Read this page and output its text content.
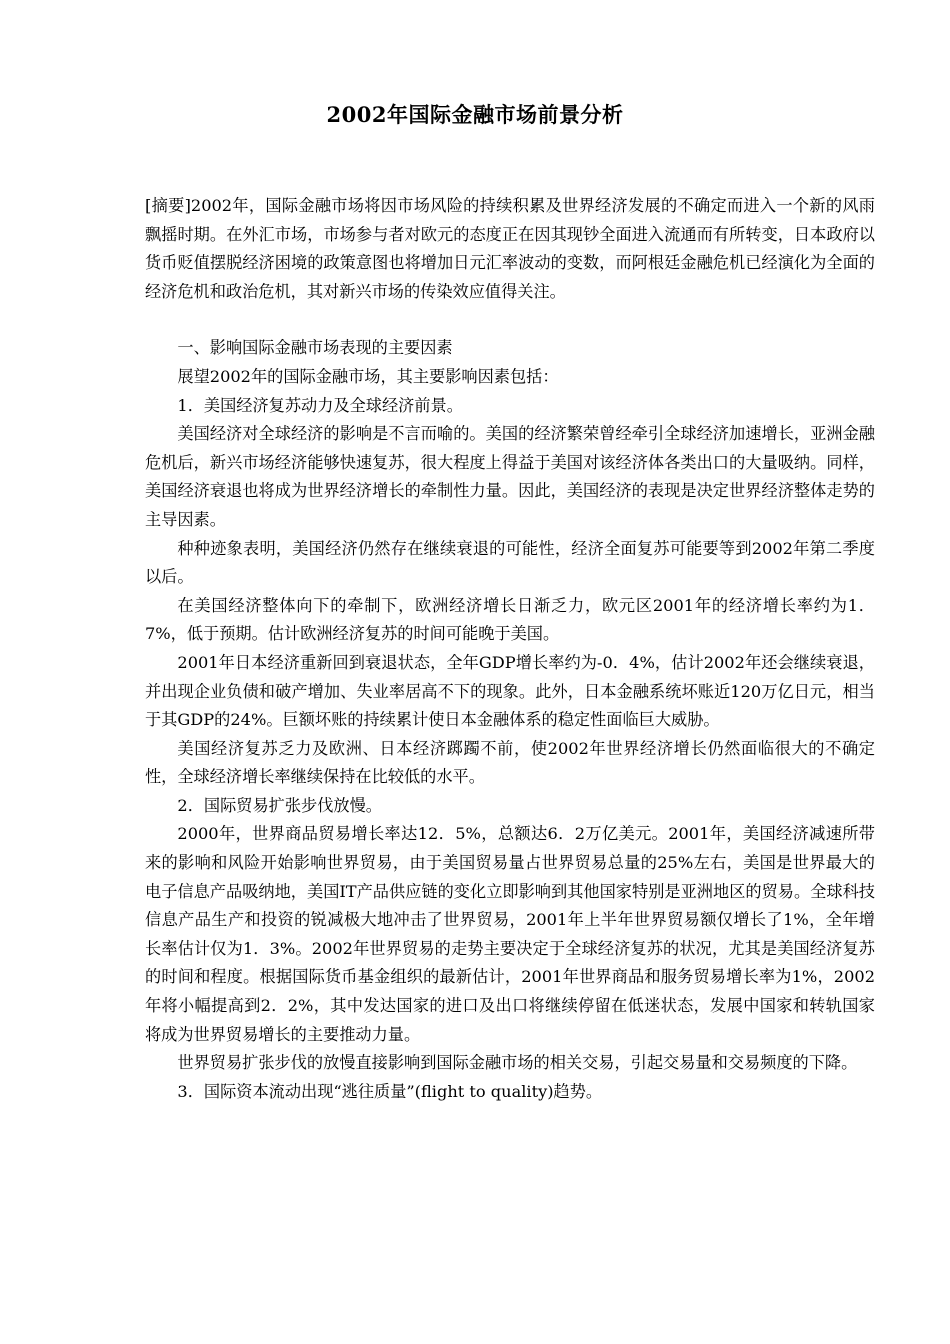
2002年国际金融市场前景分析

[摘要]2002年，国际金融市场将因市场风险的持续积累及世界经济发展的不确定而进入一个新的风雨飘摇时期。在外汇市场，市场参与者对欧元的态度正在因其现钞全面进入流通而有所转变，日本政府以货币贬值摆脱经济困境的政策意图也将增加日元汇率波动的变数，而阿根廷金融危机已经演化为全面的经济危机和政治危机，其对新兴市场的传染效应值得关注。

一、影响国际金融市场表现的主要因素

展望2002年的国际金融市场，其主要影响因素包括：

1．美国经济复苏动力及全球经济前景。

美国经济对全球经济的影响是不言而喻的。美国的经济繁荣曾经牵引全球经济加速增长，亚洲金融危机后，新兴市场经济能够快速复苏，很大程度上得益于美国对该经济体各类出口的大量吸纳。同样，美国经济衰退也将成为世界经济增长的牵制性力量。因此，美国经济的表现是决定世界经济整体走势的主导因素。

种种迹象表明，美国经济仍然存在继续衰退的可能性，经济全面复苏可能要等到2002年第二季度以后。

在美国经济整体向下的牵制下，欧洲经济增长日渐乏力，欧元区2001年的经济增长率约为1．7%，低于预期。估计欧洲经济复苏的时间可能晚于美国。

2001年日本经济重新回到衰退状态，全年GDP增长率约为-0．4%，估计2002年还会继续衰退，并出现企业负债和破产增加、失业率居高不下的现象。此外，日本金融系统坏账近120万亿日元，相当于其GDP的24%。巨额坏账的持续累计使日本金融体系的稳定性面临巨大威胁。

美国经济复苏乏力及欧洲、日本经济踯躅不前，使2002年世界经济增长仍然面临很大的不确定性，全球经济增长率继续保持在比较低的水平。

2．国际贸易扩张步伐放慢。

2000年，世界商品贸易增长率达12．5%，总额达6．2万亿美元。2001年，美国经济减速所带来的影响和风险开始影响世界贸易，由于美国贸易量占世界贸易总量的25%左右，美国是世界最大的电子信息产品吸纳地，美国IT产品供应链的变化立即影响到其他国家特别是亚洲地区的贸易。全球科技信息产品生产和投资的锐减极大地冲击了世界贸易，2001年上半年世界贸易额仅增长了1%，全年增长率估计仅为1．3%。2002年世界贸易的走势主要决定于全球经济复苏的状况，尤其是美国经济复苏的时间和程度。根据国际货币基金组织的最新估计，2001年世界商品和服务贸易增长率为1%，2002年将小幅提高到2．2%，其中发达国家的进口及出口将继续停留在低迷状态，发展中国家和转轨国家将成为世界贸易增长的主要推动力量。

世界贸易扩张步伐的放慢直接影响到国际金融市场的相关交易，引起交易量和交易频度的下降。

3．国际资本流动出现“逃往质量”(flight to quality)趋势。
